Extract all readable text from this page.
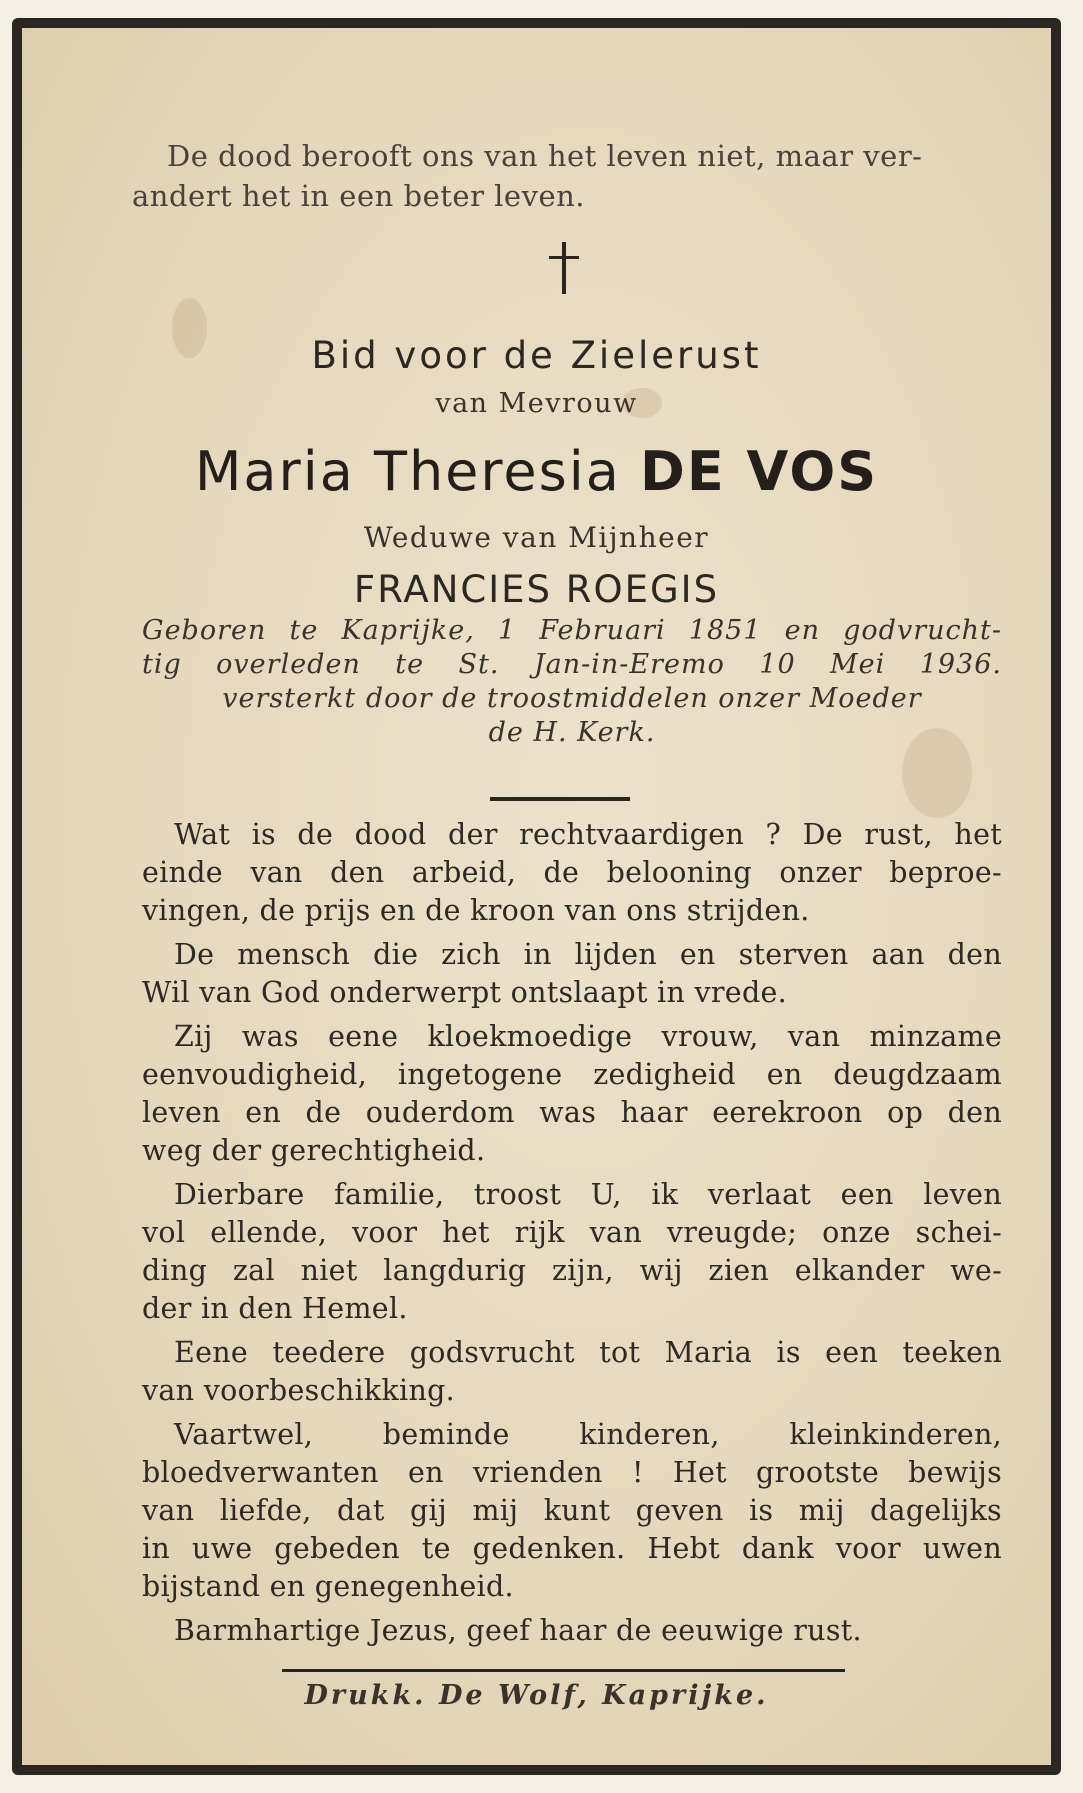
De dood berooft ons van het leven niet, maar ver-
andert het in een beter leven.
Bid voor de Zielerust
van Mevrouw
Maria Theresia DE VOS
Weduwe van Mijnheer
FRANCIES ROEGIS
Geboren te Kaprijke, 1 Februari 1851 en godvrucht-
tig overleden te St. Jan-in-Eremo 10 Mei 1936.
versterkt door de troostmiddelen onzer Moeder
de H. Kerk.
Wat is de dood der rechtvaardigen ? De rust, het
einde van den arbeid, de belooning onzer beproe-
vingen, de prijs en de kroon van ons strijden.
De mensch die zich in lijden en sterven aan den
Wil van God onderwerpt ontslaapt in vrede.
Zij was eene kloekmoedige vrouw, van minzame
eenvoudigheid, ingetogene zedigheid en deugdzaam
leven en de ouderdom was haar eerekroon op den
weg der gerechtigheid.
Dierbare familie, troost U, ik verlaat een leven
vol ellende, voor het rijk van vreugde; onze schei-
ding zal niet langdurig zijn, wij zien elkander we-
der in den Hemel.
Eene teedere godsvrucht tot Maria is een teeken
van voorbeschikking.
Vaartwel, beminde kinderen, kleinkinderen,
bloedverwanten en vrienden ! Het grootste bewijs
van liefde, dat gij mij kunt geven is mij dagelijks
in uwe gebeden te gedenken. Hebt dank voor uwen
bijstand en genegenheid.
Barmhartige Jezus, geef haar de eeuwige rust.
Drukk. De Wolf, Kaprijke.
